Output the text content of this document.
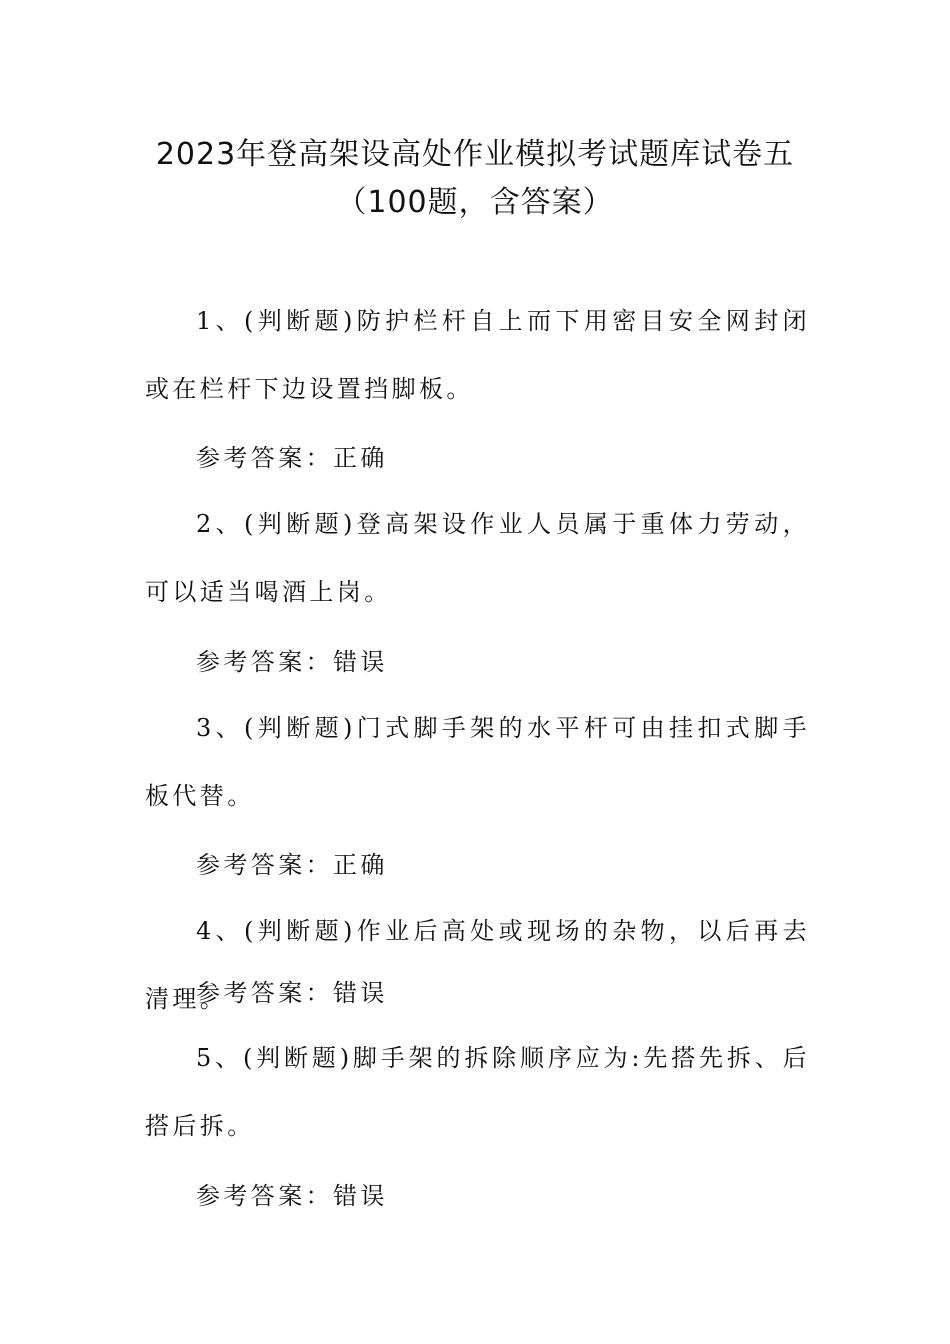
2023年登高架设高处作业模拟考试题库试卷五
（100题，含答案）
1、(判断题)防护栏杆自上而下用密目安全网封闭或在栏杆下边设置挡脚板。
参考答案：正确
2、(判断题)登高架设作业人员属于重体力劳动，可以适当喝酒上岗。
参考答案：错误
3、(判断题)门式脚手架的水平杆可由挂扣式脚手板代替。
参考答案：正确
4、(判断题)作业后高处或现场的杂物，以后再去清理。
参考答案：错误
5、(判断题)脚手架的拆除顺序应为:先搭先拆、后搭后拆。
参考答案：错误
